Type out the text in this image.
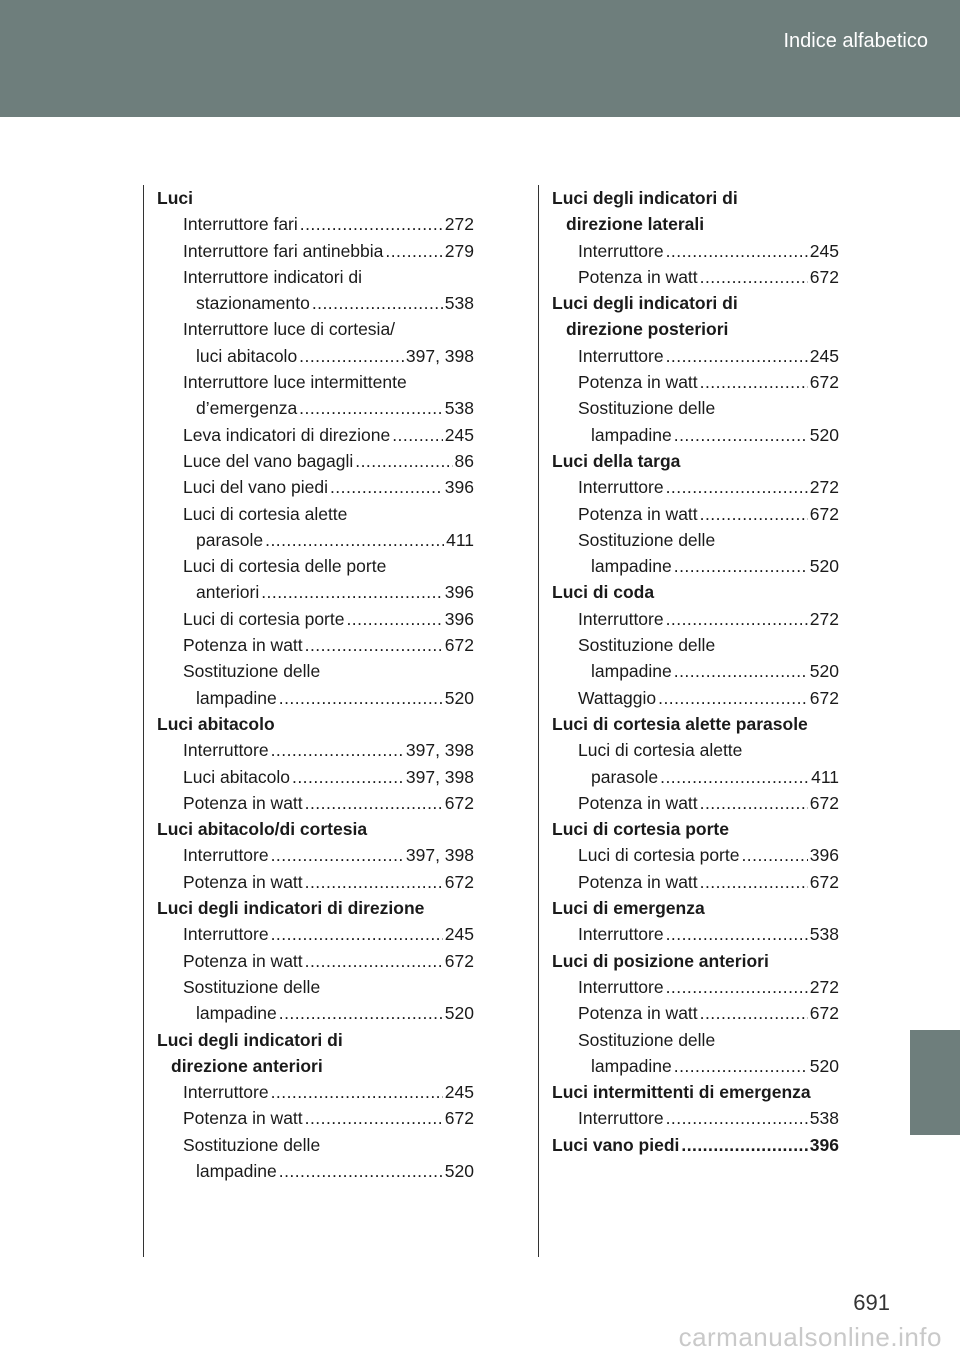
Indice alfabetico
Luci
Interruttore fari . . .	272
Interruttore fari antinebbia . . .	279
Interruttore indicatori di
stazionamento . . .	538
Interruttore luce di cortesia/
luci abitacolo . . .	397, 398
Interruttore luce intermittente
d’emergenza . . .	538
Leva indicatori di direzione . . .	245
Luce del vano bagagli . . .	86
Luci del vano piedi . . .	396
Luci di cortesia alette
parasole . . .	411
Luci di cortesia delle porte
anteriori . . .	396
Luci di cortesia porte . . .	396
Potenza in watt . . .	672
Sostituzione delle
lampadine . . .	520
Luci abitacolo
Interruttore . . .	397, 398
Luci abitacolo . . .	397, 398
Potenza in watt . . .	672
Luci abitacolo/di cortesia
Interruttore . . .	397, 398
Potenza in watt . . .	672
Luci degli indicatori di direzione
Interruttore . . .	245
Potenza in watt . . .	672
Sostituzione delle
lampadine . . .	520
Luci degli indicatori di
direzione anteriori
Interruttore . . .	245
Potenza in watt . . .	672
Sostituzione delle
lampadine . . .	520
Luci degli indicatori di
direzione laterali
Interruttore . . .	245
Potenza in watt . . .	672
Luci degli indicatori di
direzione posteriori
Interruttore . . .	245
Potenza in watt . . .	672
Sostituzione delle
lampadine . . .	520
Luci della targa
Interruttore . . .	272
Potenza in watt . . .	672
Sostituzione delle
lampadine . . .	520
Luci di coda
Interruttore . . .	272
Sostituzione delle
lampadine . . .	520
Wattaggio . . .	672
Luci di cortesia alette parasole
Luci di cortesia alette
parasole . . .	411
Potenza in watt . . .	672
Luci di cortesia porte
Luci di cortesia porte . . .	396
Potenza in watt . . .	672
Luci di emergenza
Interruttore . . .	538
Luci di posizione anteriori
Interruttore . . .	272
Potenza in watt . . .	672
Sostituzione delle
lampadine . . .	520
Luci intermittenti di emergenza
Interruttore . . .	538
Luci vano piedi . . .	396
691
carmanualsonline.info
